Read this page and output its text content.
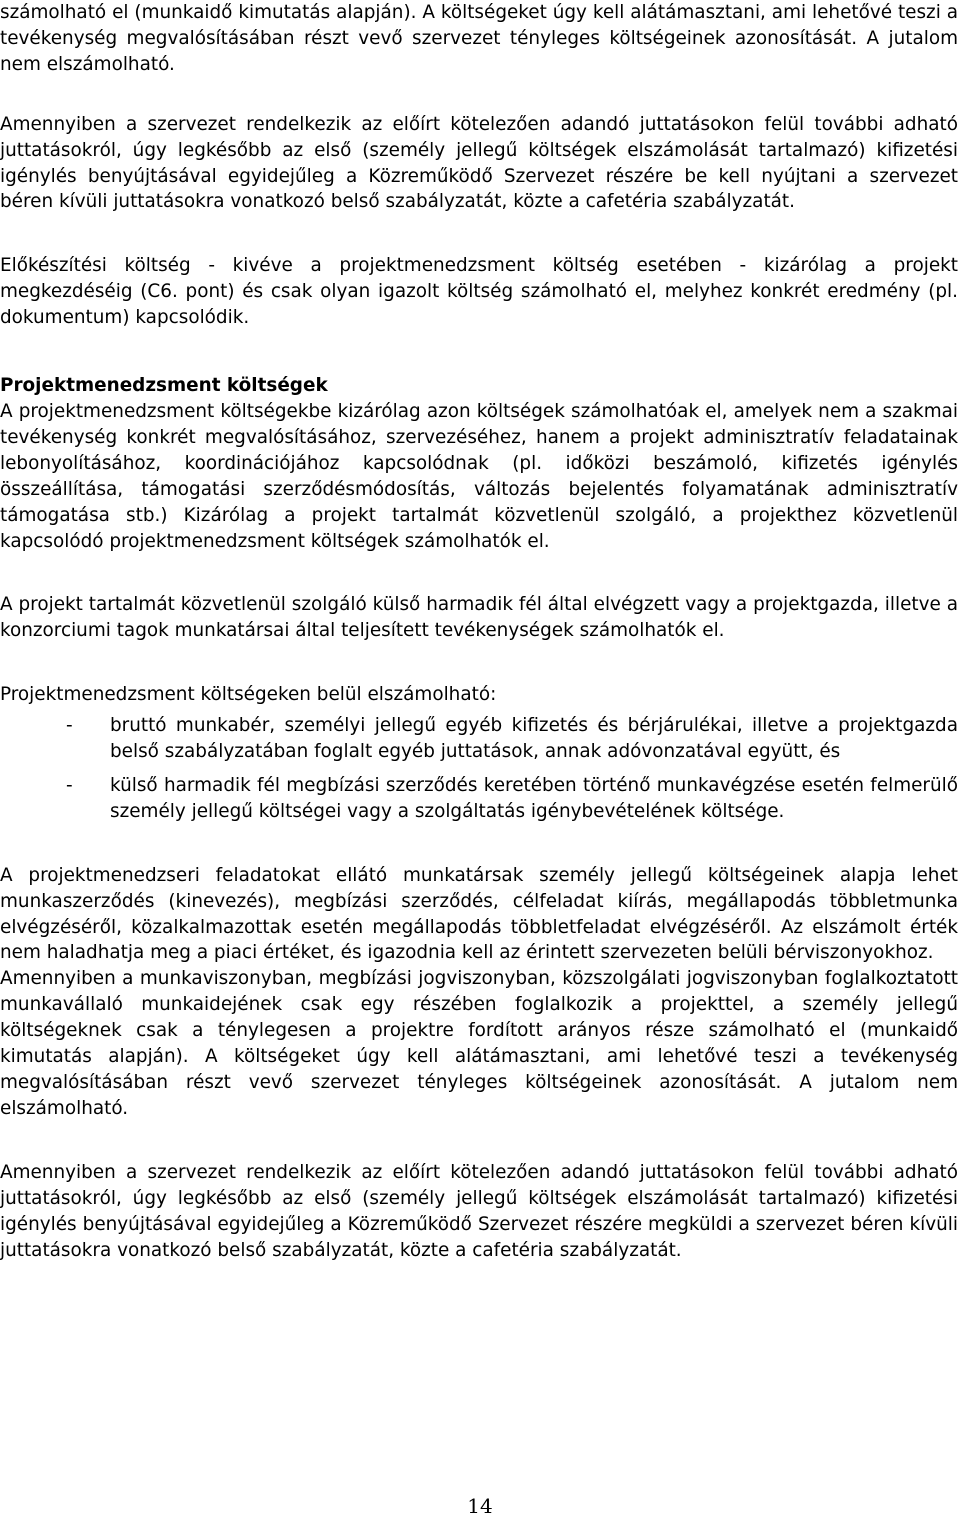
számolható el (munkaidő kimutatás alapján). A költségeket úgy kell alátámasztani, ami lehetővé teszi a tevékenység megvalósításában részt vevő szervezet tényleges költségeinek azonosítását. A jutalom nem elszámolható.

Amennyiben a szervezet rendelkezik az előírt kötelezően adandó juttatásokon felül további adható juttatásokról, úgy legkésőbb az első (személy jellegű költségek elszámolását tartalmazó) kifizetési igénylés benyújtásával egyidejűleg a Közreműködő Szervezet részére be kell nyújtani a szervezet béren kívüli juttatásokra vonatkozó belső szabályzatát, közte a cafetéria szabályzatát.

Előkészítési költség - kivéve a projektmenedzsment költség esetében - kizárólag a projekt megkezdéséig (C6. pont) és csak olyan igazolt költség számolható el, melyhez konkrét eredmény (pl. dokumentum) kapcsolódik.

Projektmenedzsment költségek

A projektmenedzsment költségekbe kizárólag azon költségek számolhatóak el, amelyek nem a szakmai tevékenység konkrét megvalósításához, szervezéséhez, hanem a projekt adminisztratív feladatainak lebonyolításához, koordinációjához kapcsolódnak (pl. időközi beszámoló, kifizetés igénylés összeállítása, támogatási szerződésmódosítás, változás bejelentés folyamatának adminisztratív támogatása stb.) Kizárólag a projekt tartalmát közvetlenül szolgáló, a projekthez közvetlenül kapcsolódó projektmenedzsment költségek számolhatók el.

A projekt tartalmát közvetlenül szolgáló külső harmadik fél által elvégzett vagy a projektgazda, illetve a konzorciumi tagok munkatársai által teljesített tevékenységek számolhatók el.

Projektmenedzsment költségeken belül elszámolható:

- bruttó munkabér, személyi jellegű egyéb kifizetés és bérjárulékai, illetve a projektgazda belső szabályzatában foglalt egyéb juttatások, annak adóvonzatával együtt, és
- külső harmadik fél megbízási szerződés keretében történő munkavégzése esetén felmerülő személy jellegű költségei vagy a szolgáltatás igénybevételének költsége.

A projektmenedzseri feladatokat ellátó munkatársak személy jellegű költségeinek alapja lehet munkaszerződés (kinevezés), megbízási szerződés, célfeladat kiírás, megállapodás többletmunka elvégzéséről, közalkalmazottak esetén megállapodás többletfeladat elvégzéséről. Az elszámolt érték nem haladhatja meg a piaci értéket, és igazodnia kell az érintett szervezeten belüli bérviszonyokhoz.

Amennyiben a munkaviszonyban, megbízási jogviszonyban, közszolgálati jogviszonyban foglalkoztatott munkavállaló munkaidejének csak egy részében foglalkozik a projekttel, a személy jellegű költségeknek csak a ténylegesen a projektre fordított arányos része számolható el (munkaidő kimutatás alapján). A költségeket úgy kell alátámasztani, ami lehetővé teszi a tevékenység megvalósításában részt vevő szervezet tényleges költségeinek azonosítását. A jutalom nem elszámolható.

Amennyiben a szervezet rendelkezik az előírt kötelezően adandó juttatásokon felül további adható juttatásokról, úgy legkésőbb az első (személy jellegű költségek elszámolását tartalmazó) kifizetési igénylés benyújtásával egyidejűleg a Közreműködő Szervezet részére megküldi a szervezet béren kívüli juttatásokra vonatkozó belső szabályzatát, közte a cafetéria szabályzatát.

14
